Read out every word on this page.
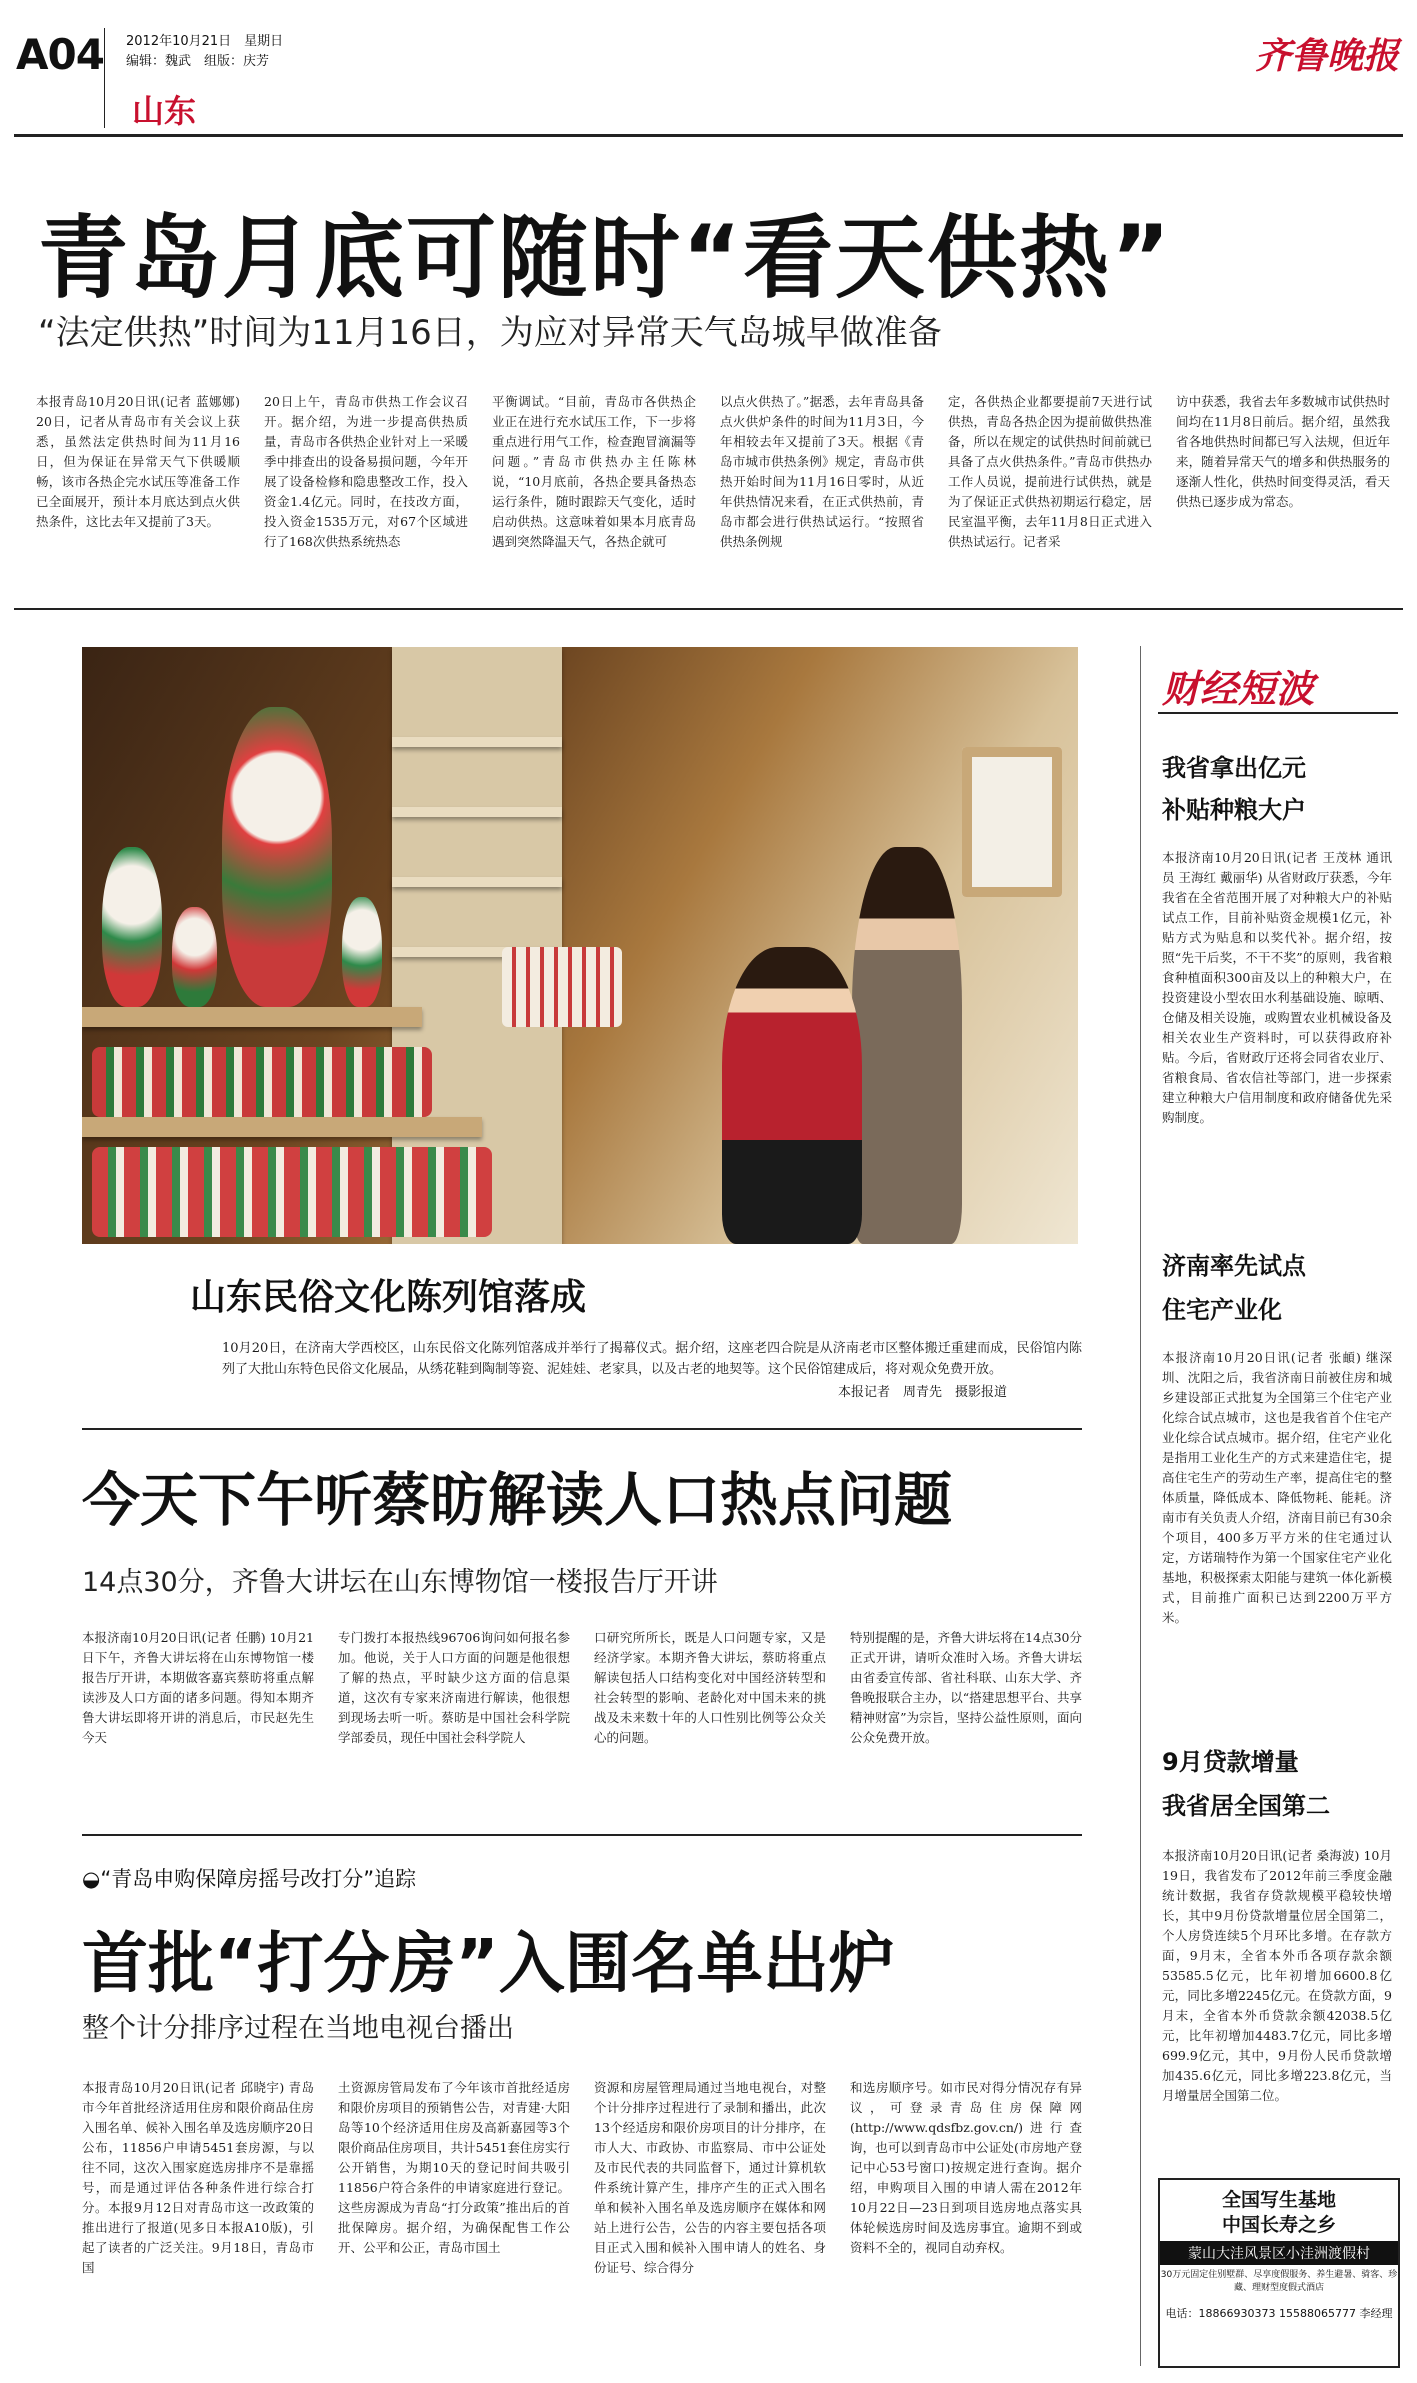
A04 2012年10月21日　星期日
编辑：魏武　组版：庆芳
山东
齐鲁晚报
青岛月底可随时“看天供热”
“法定供热”时间为11月16日，为应对异常天气岛城早做准备
本报青岛10月20日讯(记者 蓝娜娜) 20日，记者从青岛市有关会议上获悉，虽然法定供热时间为11月16日，但为保证在异常天气下供暖顺畅，该市各热企完水试压等准备工作已全面展开，预计本月底达到点火供热条件，这比去年又提前了3天。
20日上午，青岛市供热工作会议召开。据介绍，为进一步提高供热质量，青岛市各供热企业针对上一采暖季中排查出的设备易损问题，今年开展了设备检修和隐患整改工作，投入资金1.4亿元。同时，在技改方面，投入资金1535万元，对67个区域进行了168次供热系统热态
平衡调试。“目前，青岛市各供热企业正在进行充水试压工作，下一步将重点进行用气工作，检查跑冒滴漏等问题。”青岛市供热办主任陈林说，“10月底前，各热企要具备热态运行条件，随时跟踪天气变化，适时启动供热。这意味着如果本月底青岛遇到突然降温天气，各热企就可
以点火供热了。”据悉，去年青岛具备点火供炉条件的时间为11月3日，今年相较去年又提前了3天。根据《青岛市城市供热条例》规定，青岛市供热开始时间为11月16日零时，从近年供热情况来看，在正式供热前，青岛市都会进行供热试运行。“按照省供热条例规
定，各供热企业都要提前7天进行试供热，青岛各热企因为提前做供热准备，所以在规定的试供热时间前就已具备了点火供热条件。”青岛市供热办工作人员说，提前进行试供热，就是为了保证正式供热初期运行稳定，居民室温平衡，去年11月8日正式进入供热试运行。记者采
访中获悉，我省去年多数城市试供热时间均在11月8日前后。据介绍，虽然我省各地供热时间都已写入法规，但近年来，随着异常天气的增多和供热服务的逐渐人性化，供热时间变得灵活，看天供热已逐步成为常态。
山东民俗文化陈列馆落成
10月20日，在济南大学西校区，山东民俗文化陈列馆落成并举行了揭幕仪式。据介绍，这座老四合院是从济南老市区整体搬迁重建而成，民俗馆内陈列了大批山东特色民俗文化展品，从绣花鞋到陶制等瓷、泥娃娃、老家具，以及古老的地契等。这个民俗馆建成后，将对观众免费开放。
本报记者　周青先　摄影报道
今天下午听蔡昉解读人口热点问题
14点30分，齐鲁大讲坛在山东博物馆一楼报告厅开讲
本报济南10月20日讯(记者 任鹏) 10月21日下午，齐鲁大讲坛将在山东博物馆一楼报告厅开讲，本期做客嘉宾蔡昉将重点解读涉及人口方面的诸多问题。得知本期齐鲁大讲坛即将开讲的消息后，市民赵先生今天
专门拨打本报热线96706询问如何报名参加。他说，关于人口方面的问题是他很想了解的热点，平时缺少这方面的信息渠道，这次有专家来济南进行解读，他很想到现场去听一听。蔡昉是中国社会科学院学部委员，现任中国社会科学院人
口研究所所长，既是人口问题专家，又是经济学家。本期齐鲁大讲坛，蔡昉将重点解读包括人口结构变化对中国经济转型和社会转型的影响、老龄化对中国未来的挑战及未来数十年的人口性别比例等公众关心的问题。
特别提醒的是，齐鲁大讲坛将在14点30分正式开讲，请听众准时入场。齐鲁大讲坛由省委宣传部、省社科联、山东大学、齐鲁晚报联合主办，以“搭建思想平台、共享精神财富”为宗旨，坚持公益性原则，面向公众免费开放。
◒“青岛申购保障房摇号改打分”追踪
首批“打分房”入围名单出炉
整个计分排序过程在当地电视台播出
本报青岛10月20日讯(记者 邱晓宇) 青岛市今年首批经济适用住房和限价商品住房入围名单、候补入围名单及选房顺序20日公布，11856户申请5451套房源，与以往不同，这次入围家庭选房排序不是靠摇号，而是通过评估各种条件进行综合打分。本报9月12日对青岛市这一改政策的推出进行了报道(见多日本报A10版)，引起了读者的广泛关注。9月18日，青岛市国
土资源房管局发布了今年该市首批经适房和限价房项目的预销售公告，对青建·大阳岛等10个经济适用住房及高新嘉园等3个限价商品住房项目，共计5451套住房实行公开销售，为期10天的登记时间共吸引11856户符合条件的申请家庭进行登记。这些房源成为青岛“打分政策”推出后的首批保障房。据介绍，为确保配售工作公开、公平和公正，青岛市国土
资源和房屋管理局通过当地电视台，对整个计分排序过程进行了录制和播出，此次13个经适房和限价房项目的计分排序，在市人大、市政协、市监察局、市中公证处及市民代表的共同监督下，通过计算机软件系统计算产生，排序产生的正式入围名单和候补入围名单及选房顺序在媒体和网站上进行公告，公告的内容主要包括各项目正式入围和候补入围申请人的姓名、身份证号、综合得分
和选房顺序号。如市民对得分情况存有异议，可登录青岛住房保障网(http://www.qdsfbz.gov.cn/)进行查询，也可以到青岛市中公证处(市房地产登记中心53号窗口)按规定进行查询。据介绍，申购项目入围的申请人需在2012年10月22日—23日到项目选房地点落实具体轮候选房时间及选房事宜。逾期不到或资料不全的，视同自动弃权。
财经短波
我省拿出亿元
补贴种粮大户
本报济南10月20日讯(记者 王茂林 通讯员 王海红 戴丽华) 从省财政厅获悉，今年我省在全省范围开展了对种粮大户的补贴试点工作，目前补贴资金规模1亿元，补贴方式为贴息和以奖代补。据介绍，按照“先干后奖，不干不奖”的原则，我省粮食种植面积300亩及以上的种粮大户，在投资建设小型农田水利基础设施、晾晒、仓储及相关设施，或购置农业机械设备及相关农业生产资料时，可以获得政府补贴。今后，省财政厅还将会同省农业厅、省粮食局、省农信社等部门，进一步探索建立种粮大户信用制度和政府储备优先采购制度。
济南率先试点
住宅产业化
本报济南10月20日讯(记者 张頔) 继深圳、沈阳之后，我省济南日前被住房和城乡建设部正式批复为全国第三个住宅产业化综合试点城市，这也是我省首个住宅产业化综合试点城市。据介绍，住宅产业化是指用工业化生产的方式来建造住宅，提高住宅生产的劳动生产率，提高住宅的整体质量，降低成本、降低物耗、能耗。济南市有关负责人介绍，济南目前已有30余个项目，400多万平方米的住宅通过认定，方诺瑞特作为第一个国家住宅产业化基地，积极探索太阳能与建筑一体化新模式，目前推广面积已达到2200万平方米。
9月贷款增量
我省居全国第二
本报济南10月20日讯(记者 桑海波) 10月19日，我省发布了2012年前三季度金融统计数据，我省存贷款规模平稳较快增长，其中9月份贷款增量位居全国第二，个人房贷连续5个月环比多增。在存款方面，9月末，全省本外币各项存款余额53585.5亿元，比年初增加6600.8亿元，同比多增2245亿元。在贷款方面，9月末，全省本外币贷款余额42038.5亿元，比年初增加4483.7亿元，同比多增699.9亿元，其中，9月份人民币贷款增加435.6亿元，同比多增223.8亿元，当月增量居全国第二位。
全国写生基地
中国长寿之乡
蒙山大洼风景区小洼洲渡假村
30万元固定住别墅群、尽享度假服务、养生避暑、骑客、珍藏、理财型度假式酒店
电话：18866930373 15588065777 李经理
